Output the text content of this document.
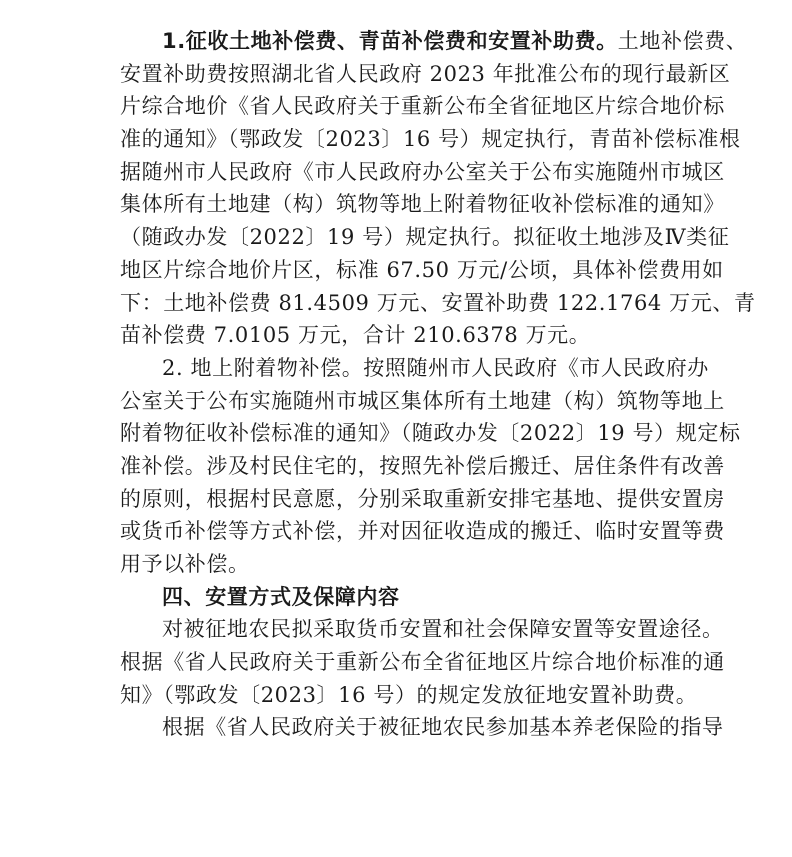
1.征收土地补偿费、青苗补偿费和安置补助费。土地补偿费、
安置补助费按照湖北省人民政府 2023 年批准公布的现行最新区
片综合地价《省人民政府关于重新公布全省征地区片综合地价标
准的通知》（鄂政发〔2023〕16 号）规定执行，青苗补偿标准根
据随州市人民政府《市人民政府办公室关于公布实施随州市城区
集体所有土地建（构）筑物等地上附着物征收补偿标准的通知》
（随政办发〔2022〕19 号）规定执行。拟征收土地涉及Ⅳ类征
地区片综合地价片区，标准 67.50 万元/公顷，具体补偿费用如
下：土地补偿费 81.4509 万元、安置补助费 122.1764 万元、青
苗补偿费 7.0105 万元，合计 210.6378 万元。
2. 地上附着物补偿。按照随州市人民政府《市人民政府办
公室关于公布实施随州市城区集体所有土地建（构）筑物等地上
附着物征收补偿标准的通知》（随政办发〔2022〕19 号）规定标
准补偿。涉及村民住宅的，按照先补偿后搬迁、居住条件有改善
的原则，根据村民意愿，分别采取重新安排宅基地、提供安置房
或货币补偿等方式补偿，并对因征收造成的搬迁、临时安置等费
用予以补偿。
四、安置方式及保障内容
对被征地农民拟采取货币安置和社会保障安置等安置途径。
根据《省人民政府关于重新公布全省征地区片综合地价标准的通
知》（鄂政发〔2023〕16 号）的规定发放征地安置补助费。
根据《省人民政府关于被征地农民参加基本养老保险的指导
